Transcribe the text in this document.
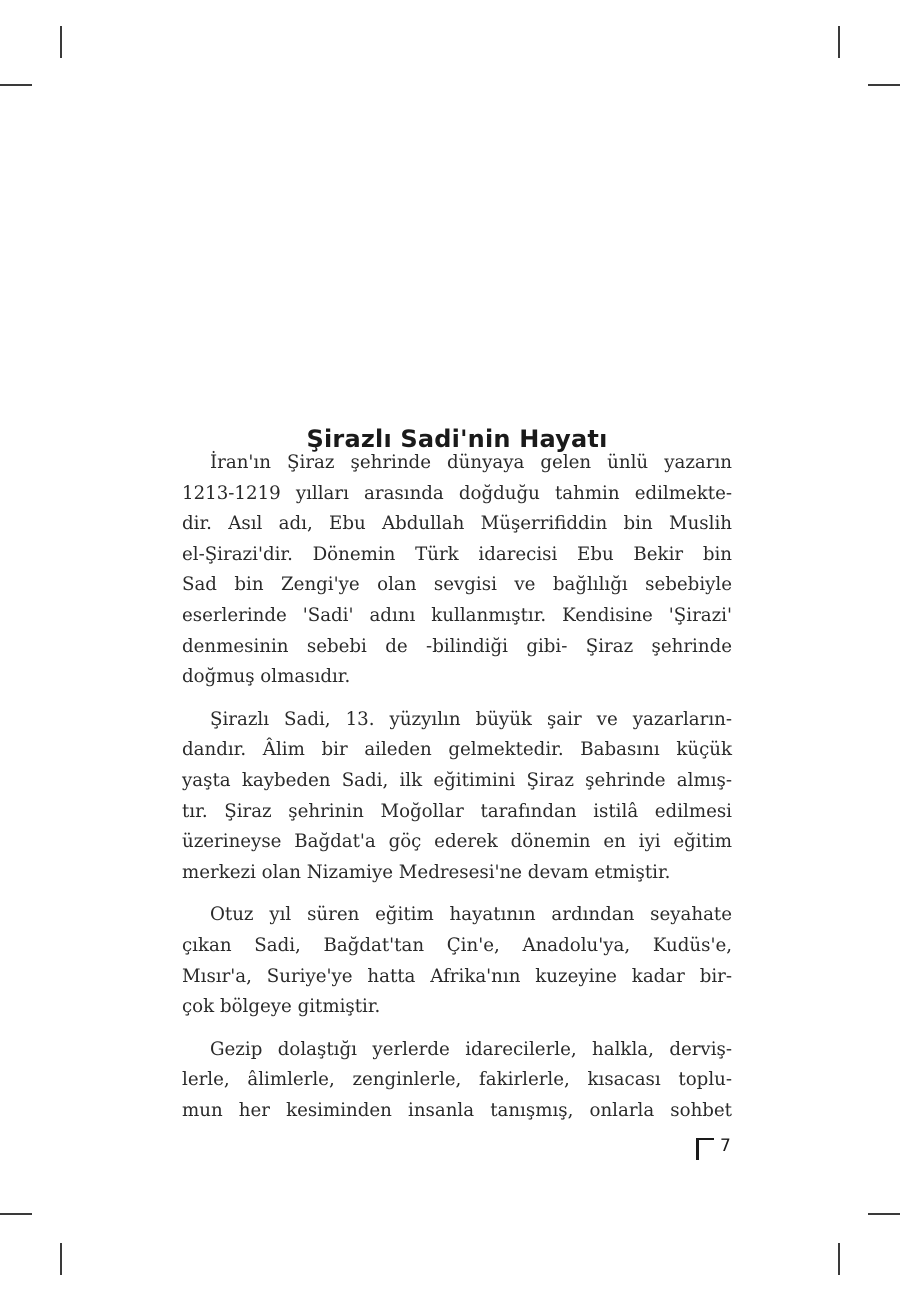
Şirazlı Sadi'nin Hayatı
İran'ın Şiraz şehrinde dünyaya gelen ünlü yazarın
1213-1219 yılları arasında doğduğu tahmin edilmekte-
dir. Asıl adı, Ebu Abdullah Müşerrifiddin bin Muslih
el-Şirazi'dir. Dönemin Türk idarecisi Ebu Bekir bin
Sad bin Zengi'ye olan sevgisi ve bağlılığı sebebiyle
eserlerinde 'Sadi' adını kullanmıştır. Kendisine 'Şirazi'
denmesinin sebebi de -bilindiği gibi- Şiraz şehrinde
doğmuş olmasıdır.
Şirazlı Sadi, 13. yüzyılın büyük şair ve yazarların-
dandır. Âlim bir aileden gelmektedir. Babasını küçük
yaşta kaybeden Sadi, ilk eğitimini Şiraz şehrinde almış-
tır. Şiraz şehrinin Moğollar tarafından istilâ edilmesi
üzerineyse Bağdat'a göç ederek dönemin en iyi eğitim
merkezi olan Nizamiye Medresesi'ne devam etmiştir.
Otuz yıl süren eğitim hayatının ardından seyahate
çıkan Sadi, Bağdat'tan Çin'e, Anadolu'ya, Kudüs'e,
Mısır'a, Suriye'ye hatta Afrika'nın kuzeyine kadar bir-
çok bölgeye gitmiştir.
Gezip dolaştığı yerlerde idarecilerle, halkla, derviş-
lerle, âlimlerle, zenginlerle, fakirlerle, kısacası toplu-
mun her kesiminden insanla tanışmış, onlarla sohbet
7
